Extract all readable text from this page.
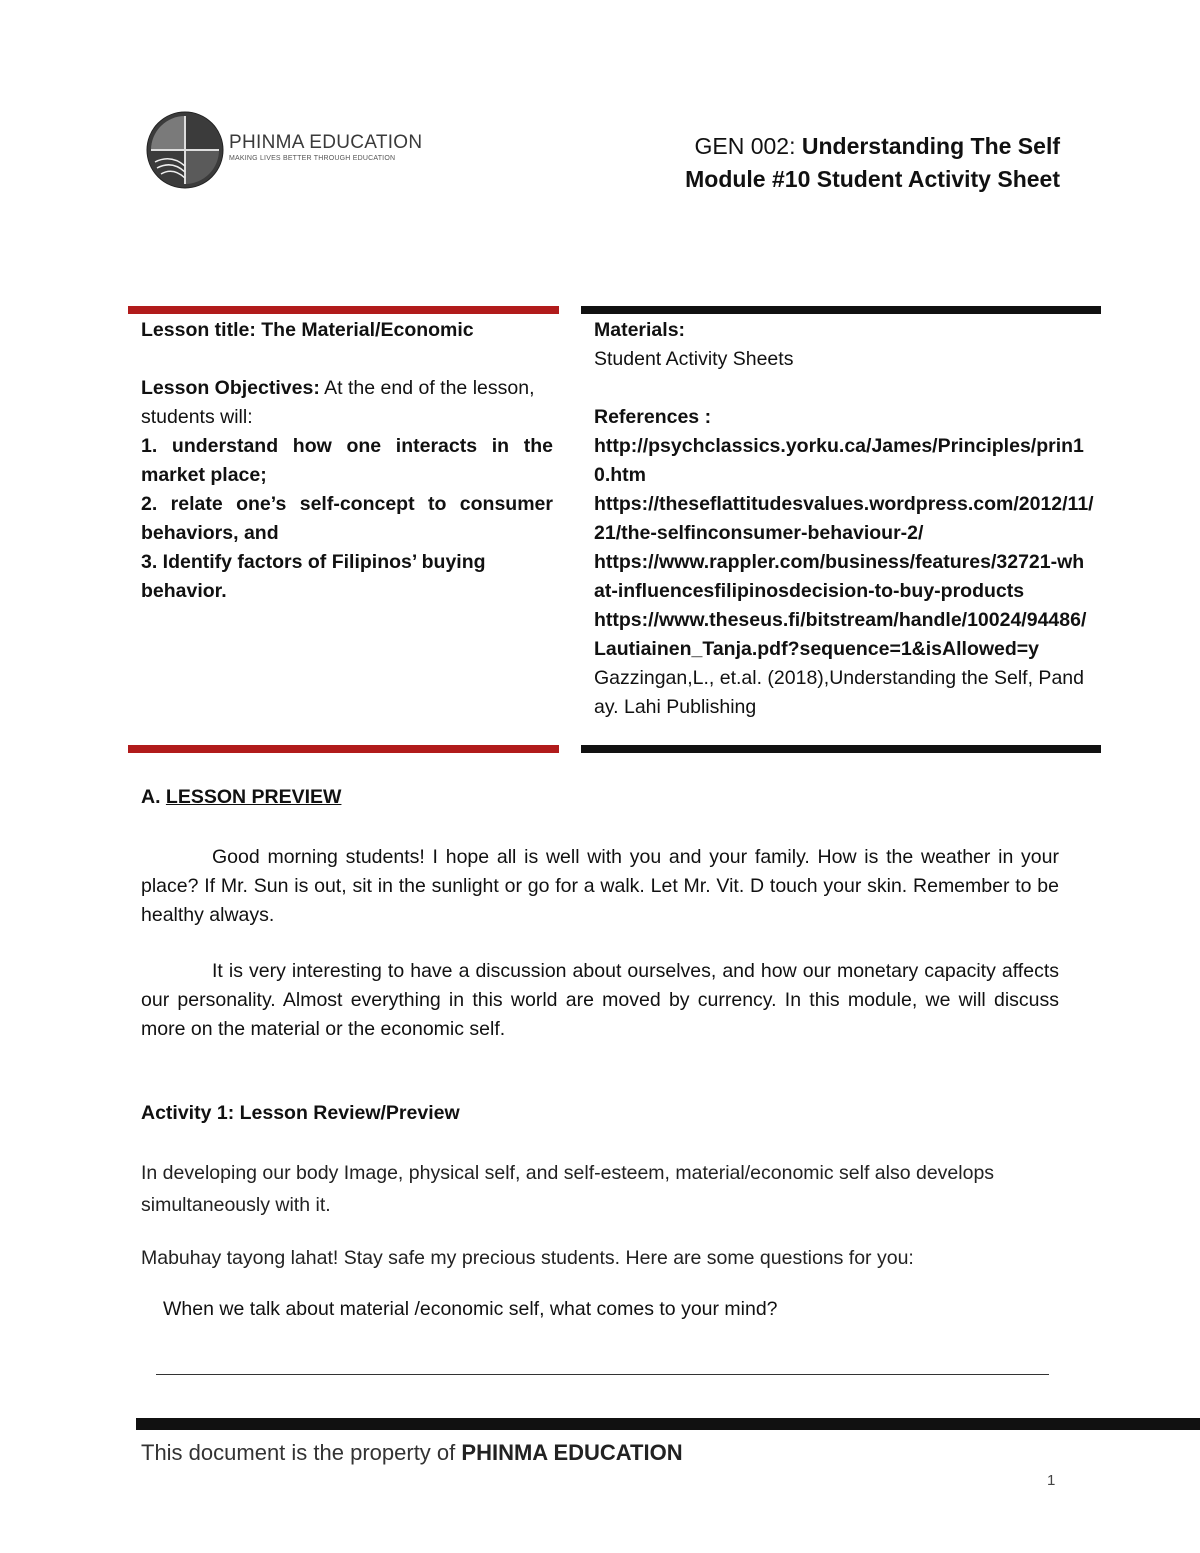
PHINMA EDUCATION
MAKING LIVES BETTER THROUGH EDUCATION	GEN 002: Understanding The Self
Module #10 Student Activity Sheet
Lesson title: The Material/Economic
Lesson Objectives: At the end of the lesson, students will:
1. understand how one interacts in the market place;
2. relate one’s self-concept to consumer behaviors, and
3. Identify factors of Filipinos’ buying behavior.
Materials:
Student Activity Sheets
References :
http://psychclassics.yorku.ca/James/Principles/prin10.htm
https://theseflattitudesvalues.wordpress.com/2012/11/21/the-selfinconsumer-behaviour-2/
https://www.rappler.com/business/features/32721-what-influencesfilipinosdecision-to-buy-products
https://www.theseus.fi/bitstream/handle/10024/94486/Lautiainen_Tanja.pdf?sequence=1&isAllowed=y
Gazzingan,L., et.al. (2018),Understanding the Self, Panday. Lahi Publishing
A. LESSON PREVIEW
Good morning students! I hope all is well with you and your family. How is the weather in your place? If Mr. Sun is out, sit in the sunlight or go for a walk. Let Mr. Vit. D touch your skin. Remember to be healthy always.
It is very interesting to have a discussion about ourselves, and how our monetary capacity affects our personality. Almost everything in this world are moved by currency. In this module, we will discuss more on the material or the economic self.
Activity 1: Lesson Review/Preview
In developing our body Image, physical self, and self-esteem, material/economic self also develops simultaneously with it.
Mabuhay tayong lahat! Stay safe my precious students. Here are some questions for you:
When we talk about material /economic self, what comes to your mind?
This document is the property of PHINMA EDUCATION
1
